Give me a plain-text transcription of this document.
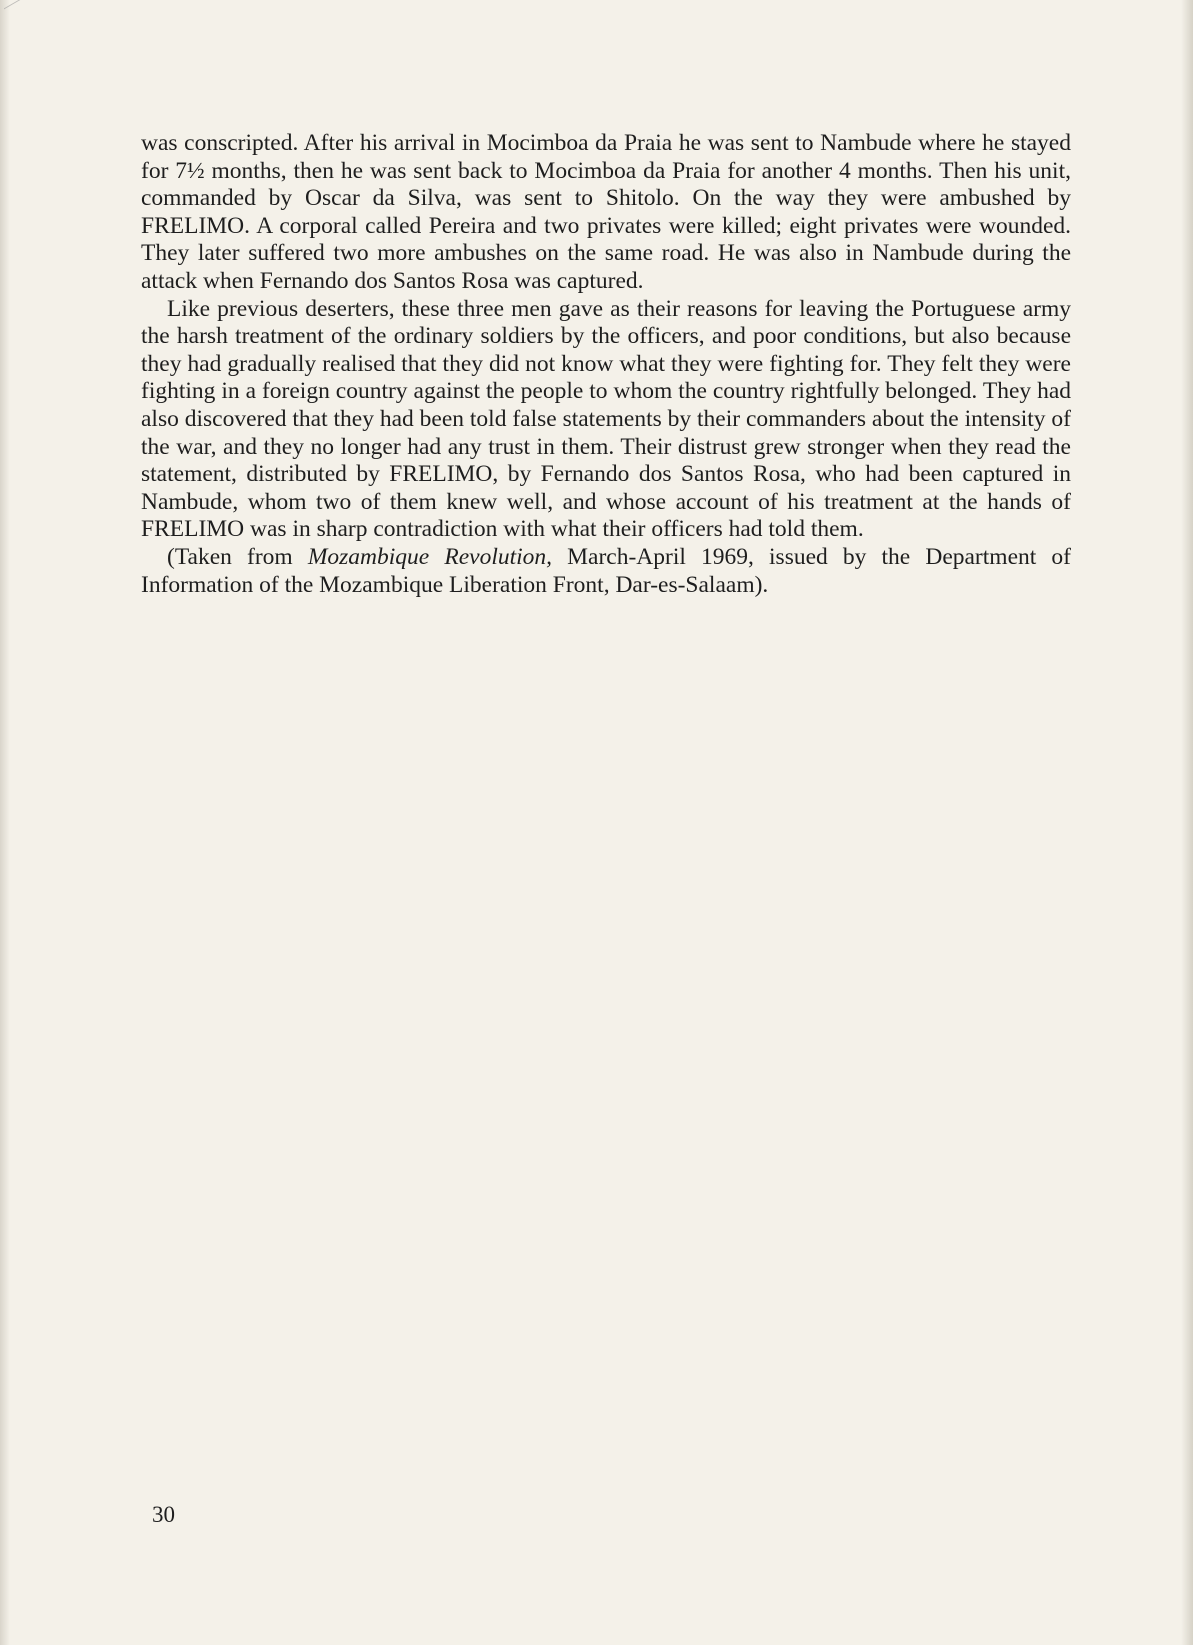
was conscripted. After his arrival in Mocimboa da Praia he was sent to Nambude where he stayed for 7½ months, then he was sent back to Mocimboa da Praia for another 4 months. Then his unit, commanded by Oscar da Silva, was sent to Shitolo. On the way they were ambushed by FRELIMO. A corporal called Pereira and two privates were killed; eight privates were wounded. They later suffered two more ambushes on the same road. He was also in Nambude during the attack when Fernando dos Santos Rosa was captured.

Like previous deserters, these three men gave as their reasons for leaving the Portuguese army the harsh treatment of the ordinary soldiers by the officers, and poor conditions, but also because they had gradually realised that they did not know what they were fighting for. They felt they were fighting in a foreign country against the people to whom the country rightfully belonged. They had also discovered that they had been told false statements by their commanders about the intensity of the war, and they no longer had any trust in them. Their distrust grew stronger when they read the statement, distributed by FRELIMO, by Fernando dos Santos Rosa, who had been captured in Nambude, whom two of them knew well, and whose account of his treatment at the hands of FRELIMO was in sharp contradiction with what their officers had told them.

(Taken from Mozambique Revolution, March-April 1969, issued by the Department of Information of the Mozambique Liberation Front, Dar-es-Salaam).

30
